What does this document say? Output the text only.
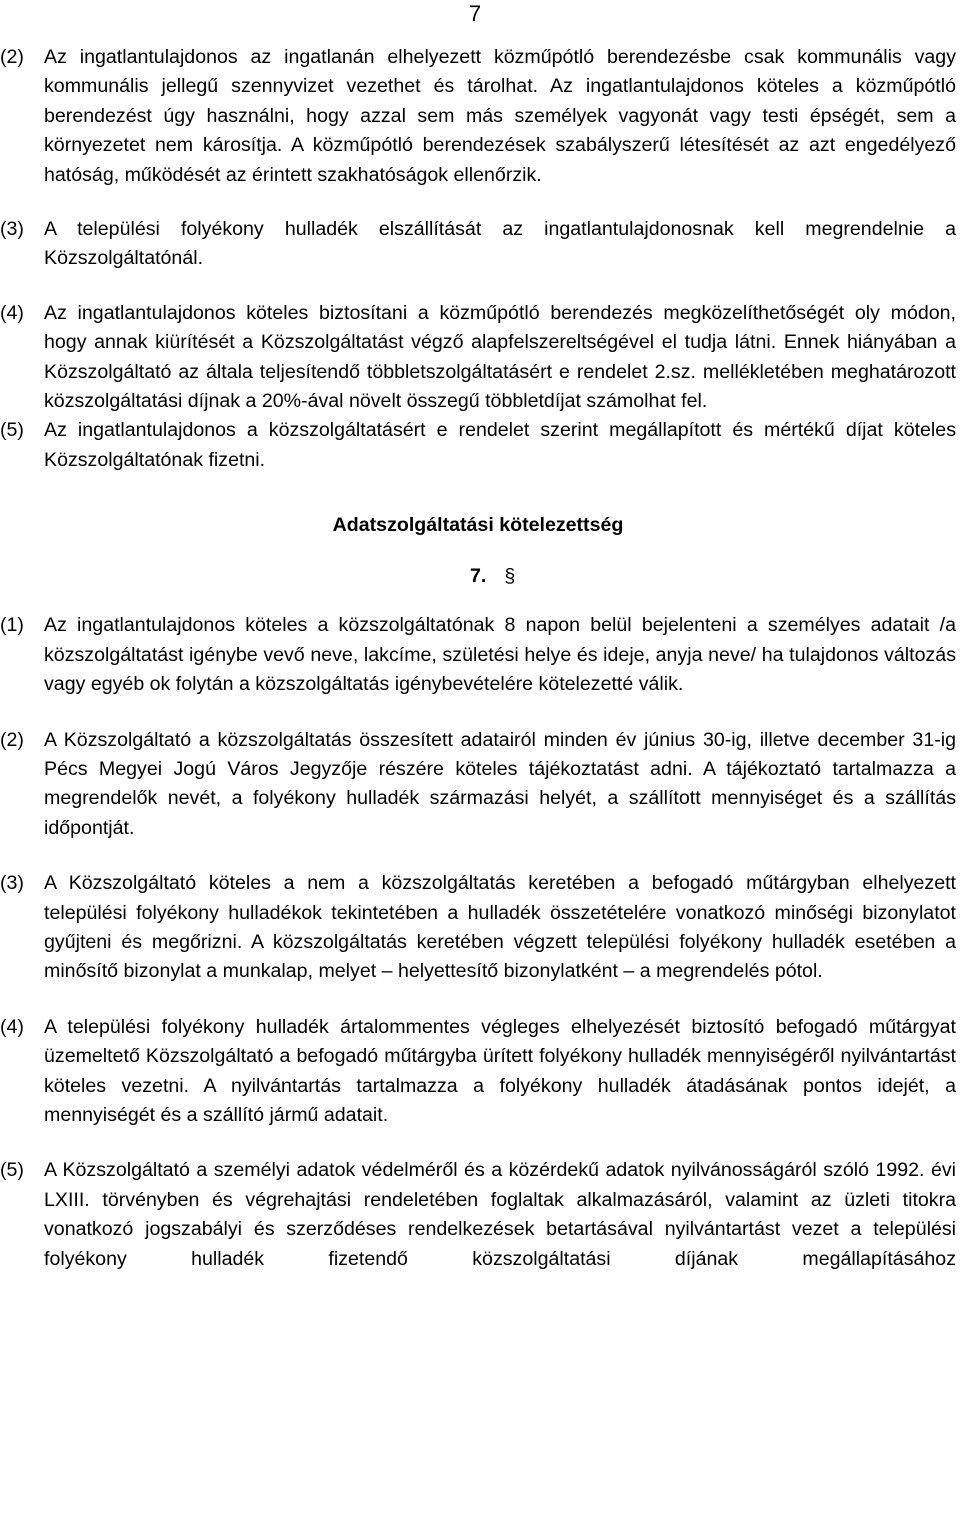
7
(2)	Az ingatlantulajdonos az ingatlanán elhelyezett közműpótló berendezésbe csak kommunális vagy kommunális jellegű szennyvizet vezethet és tárolhat. Az ingatlantulajdonos köteles a közműpótló berendezést úgy használni, hogy azzal sem más személyek vagyonát vagy testi épségét, sem a környezetet nem károsítja. A közműpótló berendezések szabályszerű létesítését az azt engedélyező hatóság, működését az érintett szakhatóságok ellenőrzik.
(3)	A települési folyékony hulladék elszállítását az ingatlantulajdonosnak kell megrendelnie a Közszolgáltatónál.
(4)	Az ingatlantulajdonos köteles biztosítani a közműpótló berendezés megközelíthetőségét oly módon, hogy annak kiürítését a Közszolgáltatást végző alapfelszereltségével el tudja látni. Ennek hiányában a Közszolgáltató az általa teljesítendő többletszolgáltatásért e rendelet 2.sz. mellékletében meghatározott közszolgáltatási díjnak a 20%-ával növelt összegű többletdíjat számolhat fel.
(5)	Az ingatlantulajdonos a közszolgáltatásért e rendelet szerint megállapított és mértékű díjat köteles Közszolgáltatónak fizetni.
Adatszolgáltatási kötelezettség
7. §
(1)	Az ingatlantulajdonos köteles a közszolgáltatónak 8 napon belül bejelenteni a személyes adatait /a közszolgáltatást igénybe vevő neve, lakcíme, születési helye és ideje, anyja neve/ ha tulajdonos változás vagy egyéb ok folytán a közszolgáltatás igénybevételére kötelezetté válik.
(2)	A Közszolgáltató a közszolgáltatás összesített adatairól minden év június 30-ig, illetve december 31-ig Pécs Megyei Jogú Város Jegyzője részére köteles tájékoztatást adni. A tájékoztató tartalmazza a megrendelők nevét, a folyékony hulladék származási helyét, a szállított mennyiséget és a szállítás időpontját.
(3)	A Közszolgáltató köteles a nem a közszolgáltatás keretében a befogadó műtárgyban elhelyezett települési folyékony hulladékok tekintetében a hulladék összetételére vonatkozó minőségi bizonylatot gyűjteni és megőrizni. A közszolgáltatás keretében végzett települési folyékony hulladék esetében a minősítő bizonylat a munkalap, melyet – helyettesítő bizonylatként – a megrendelés pótol.
(4)	A települési folyékony hulladék ártalommentes végleges elhelyezését biztosító befogadó műtárgyat üzemeltető Közszolgáltató a befogadó műtárgyba ürített folyékony hulladék mennyiségéről nyilvántartást köteles vezetni. A nyilvántartás tartalmazza a folyékony hulladék átadásának pontos idejét, a mennyiségét és a szállító jármű adatait.
(5)	A Közszolgáltató a személyi adatok védelméről és a közérdekű adatok nyilvánosságáról szóló 1992. évi LXIII. törvényben és végrehajtási rendeletében foglaltak alkalmazásáról, valamint az üzleti titokra vonatkozó jogszabályi és szerződéses rendelkezések betartásával nyilvántartást vezet a települési folyékony hulladék fizetendő közszolgáltatási díjának megállapításához
